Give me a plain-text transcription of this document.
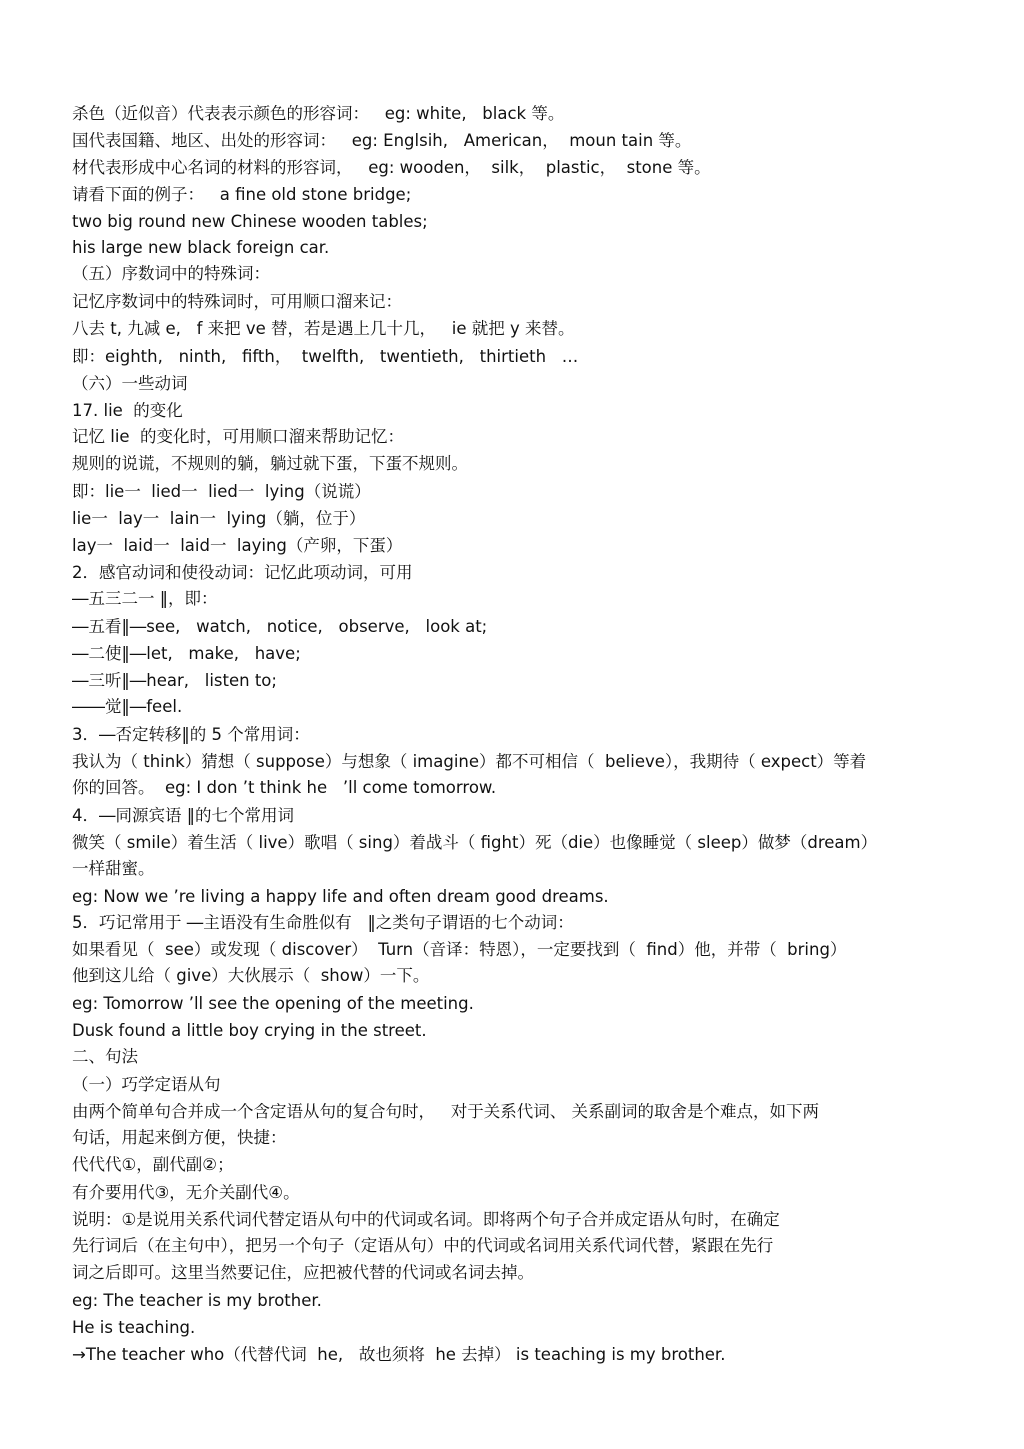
杀色（近似音）代表表示颜色的形容词：   eg: white,   black 等。
国代表国籍、地区、出处的形容词：   eg: Englsih,   American，  moun tain 等。
材代表形成中心名词的材料的形容词，   eg: wooden，  silk，  plastic，  stone 等。
请看下面的例子：   a fine old stone bridge;
two big round new Chinese wooden tables;
his large new black foreign car.
（五）序数词中的特殊词：
记忆序数词中的特殊词时，可用顺口溜来记：
八去 t, 九减 e,   f 来把 ve 替，若是遇上几十几，   ie 就把 y 来替。
即：eighth,   ninth,   fifth，  twelfth,   twentieth,   thirtieth   …
（六）一些动词
17. lie  的变化
记忆 lie  的变化时，可用顺口溜来帮助记忆：
规则的说谎，不规则的躺，躺过就下蛋，下蛋不规则。
即：lie一  lied一  lied一  lying（说谎）
lie一  lay一  lain一  lying（躺，位于）
lay一  laid一  laid一  laying（产卵，下蛋）
2．感官动词和使役动词：记忆此项动词，可用
―五三二一 ‖，即：
―五看‖―see,   watch,   notice,   observe,   look at;
―二使‖―let,   make,   have;
―三听‖―hear,   listen to;
――觉‖―feel.
3．―否定转移‖的 5 个常用词：
我认为（ think）猜想（ suppose）与想象（ imagine）都不可相信（  believe），我期待（ expect）等着
你的回答。  eg: I don ’t think he   ’ll come tomorrow.
4．―同源宾语 ‖的七个常用词
微笑（ smile）着生活（ live）歌唱（ sing）着战斗（ fight）死（die）也像睡觉（ sleep）做梦（dream）
一样甜蜜。
eg: Now we ’re living a happy life and often dream good dreams.
5．巧记常用于 ―主语没有生命胜似有   ‖之类句子谓语的七个动词：
如果看见（  see）或发现（ discover）  Turn（音译：特恩），一定要找到（  find）他，并带（  bring）
他到这儿给（ give）大伙展示（  show）一下。
eg: Tomorrow ’ll see the opening of the meeting.
Dusk found a little boy crying in the street.
二、句法
（一）巧学定语从句
由两个简单句合并成一个含定语从句的复合句时，   对于关系代词、 关系副词的取舍是个难点，如下两
句话，用起来倒方便，快捷：
代代代①，副代副②；
有介要用代③，无介关副代④。
说明：①是说用关系代词代替定语从句中的代词或名词。即将两个句子合并成定语从句时，在确定
先行词后（在主句中），把另一个句子（定语从句）中的代词或名词用关系代词代替，紧跟在先行
词之后即可。这里当然要记住，应把被代替的代词或名词去掉。
eg: The teacher is my brother.
He is teaching.
→The teacher who（代替代词  he,   故也须将  he 去掉） is teaching is my brother.
